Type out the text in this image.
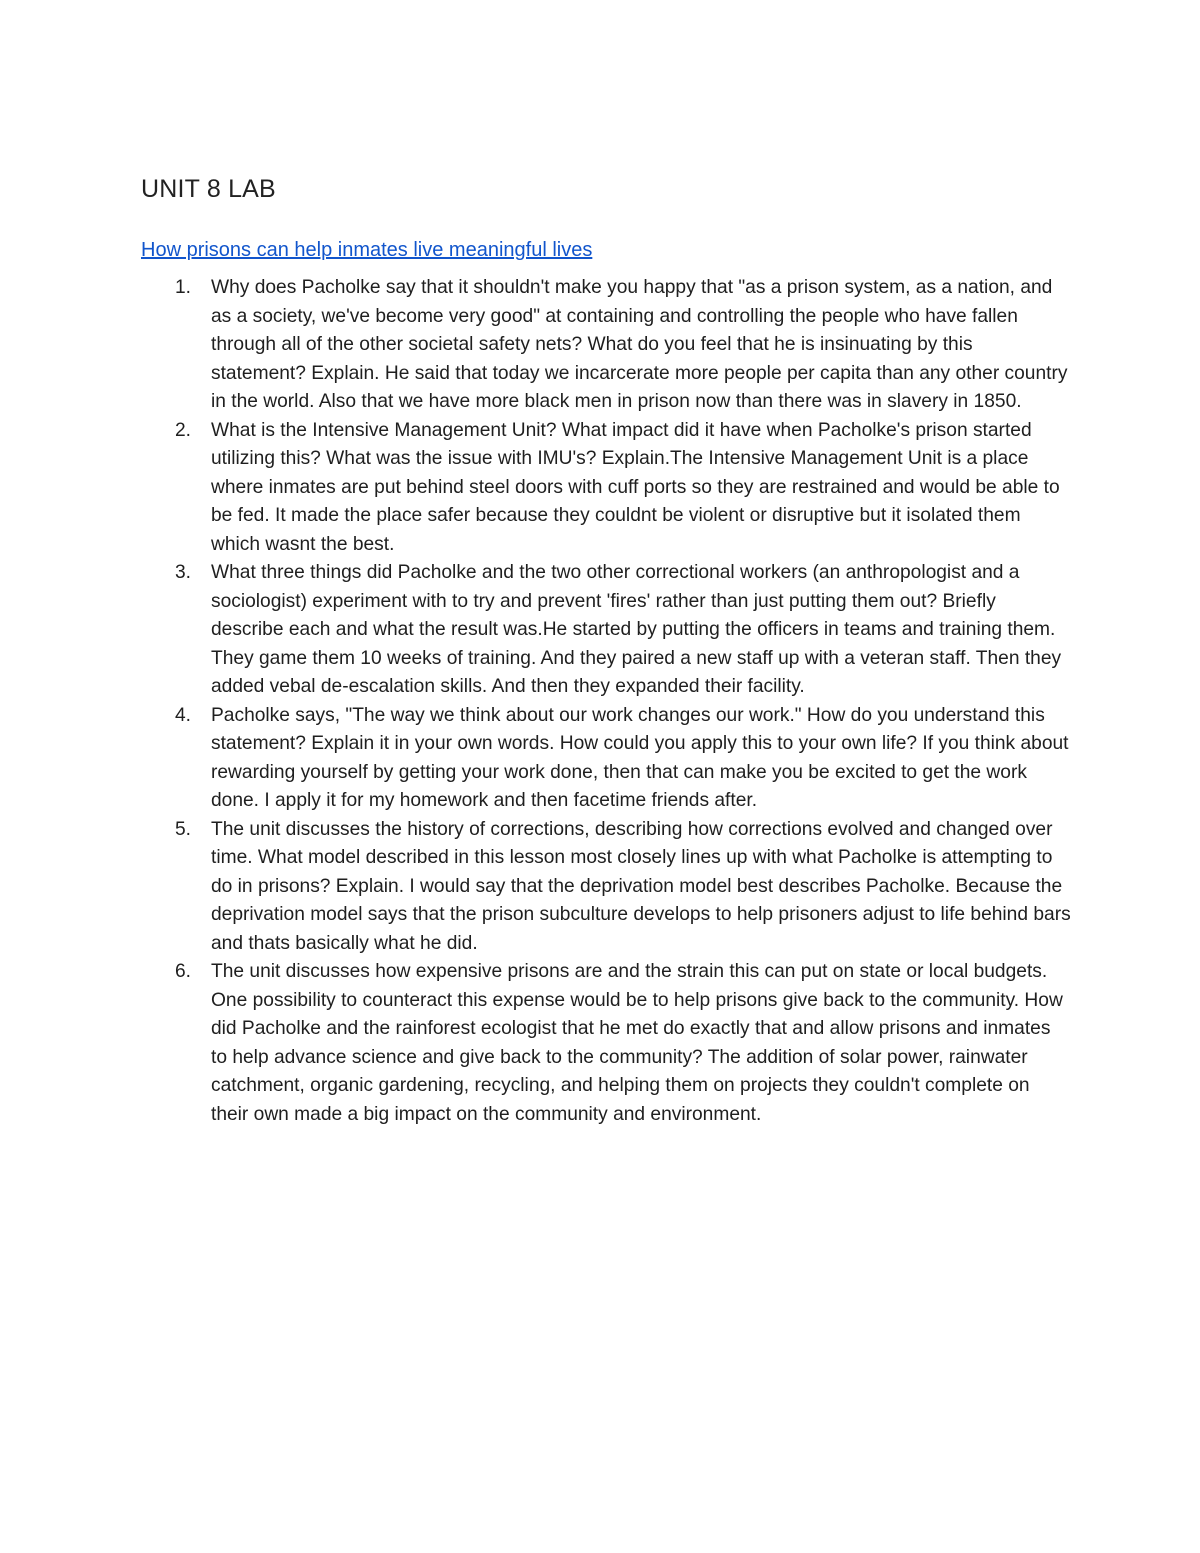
UNIT 8 LAB
How prisons can help inmates live meaningful lives
1. Why does Pacholke say that it shouldn't make you happy that "as a prison system, as a nation, and as a society, we've become very good" at containing and controlling the people who have fallen through all of the other societal safety nets? What do you feel that he is insinuating by this statement? Explain. He said that today we incarcerate more people per capita than any other country in the world. Also that we have more black men in prison now than there was in slavery in 1850.
2. What is the Intensive Management Unit? What impact did it have when Pacholke's prison started utilizing this? What was the issue with IMU's? Explain.The Intensive Management Unit is a place where inmates are put behind steel doors with cuff ports so they are restrained and would be able to be fed. It made the place safer because they couldnt be violent or disruptive but it isolated them which wasnt the best.
3. What three things did Pacholke and the two other correctional workers (an anthropologist and a sociologist) experiment with to try and prevent 'fires' rather than just putting them out? Briefly describe each and what the result was.He started by putting the officers in teams and training them. They game them 10 weeks of training. And they paired a new staff up with a veteran staff. Then they added vebal de-escalation skills. And then they expanded their facility.
4. Pacholke says, "The way we think about our work changes our work." How do you understand this statement? Explain it in your own words. How could you apply this to your own life? If you think about rewarding yourself by getting your work done, then that can make you be excited to get the work done. I apply it for my homework and then facetime friends after.
5. The unit discusses the history of corrections, describing how corrections evolved and changed over time. What model described in this lesson most closely lines up with what Pacholke is attempting to do in prisons? Explain. I would say that the deprivation model best describes Pacholke. Because the deprivation model says that the prison subculture develops to help prisoners adjust to life behind bars and thats basically what he did.
6. The unit discusses how expensive prisons are and the strain this can put on state or local budgets. One possibility to counteract this expense would be to help prisons give back to the community. How did Pacholke and the rainforest ecologist that he met do exactly that and allow prisons and inmates to help advance science and give back to the community? The addition of solar power, rainwater catchment, organic gardening, recycling, and helping them on projects they couldn't complete on their own made a big impact on the community and environment.
